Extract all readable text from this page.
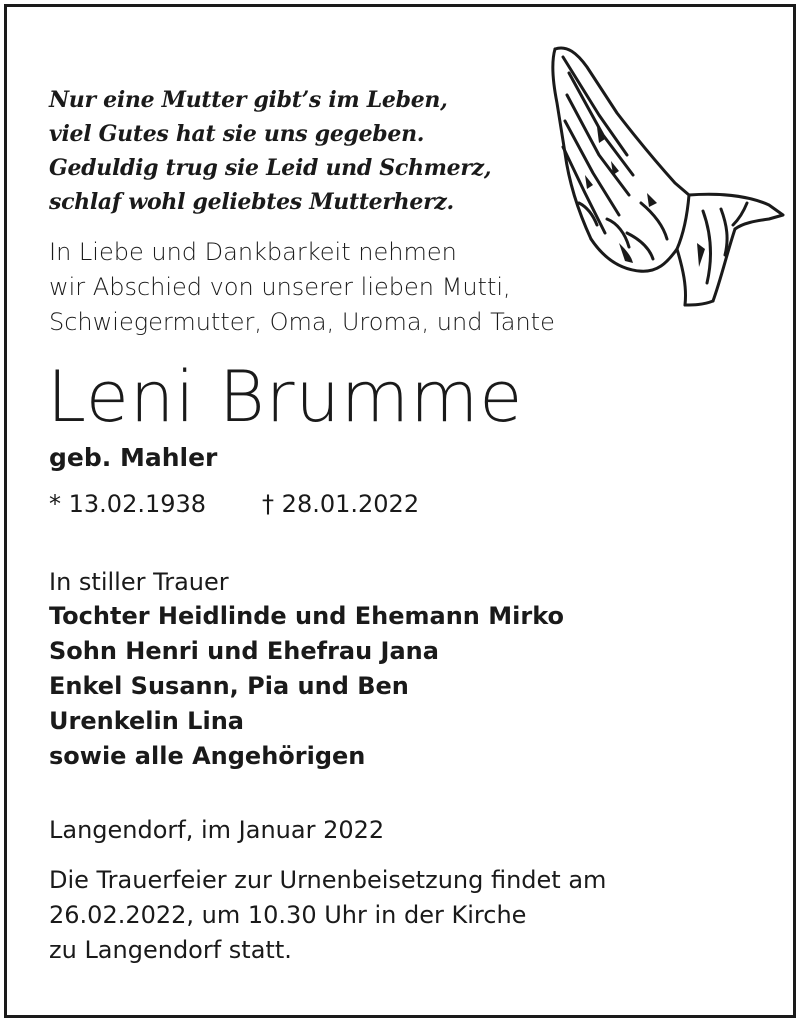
Nur eine Mutter gibt’s im Leben,
viel Gutes hat sie uns gegeben.
Geduldig trug sie Leid und Schmerz,
schlaf wohl geliebtes Mutterherz.
In Liebe und Dankbarkeit nehmen
wir Abschied von unserer lieben Mutti,
Schwiegermutter, Oma, Uroma, und Tante
Leni Brumme
geb. Mahler
* 13.02.1938 † 28.01.2022
In stiller Trauer
Tochter Heidlinde und Ehemann Mirko
Sohn Henri und Ehefrau Jana
Enkel Susann, Pia und Ben
Urenkelin Lina
sowie alle Angehörigen
Langendorf, im Januar 2022
Die Trauerfeier zur Urnenbeisetzung findet am
26.02.2022, um 10.30 Uhr in der Kirche
zu Langendorf statt.
